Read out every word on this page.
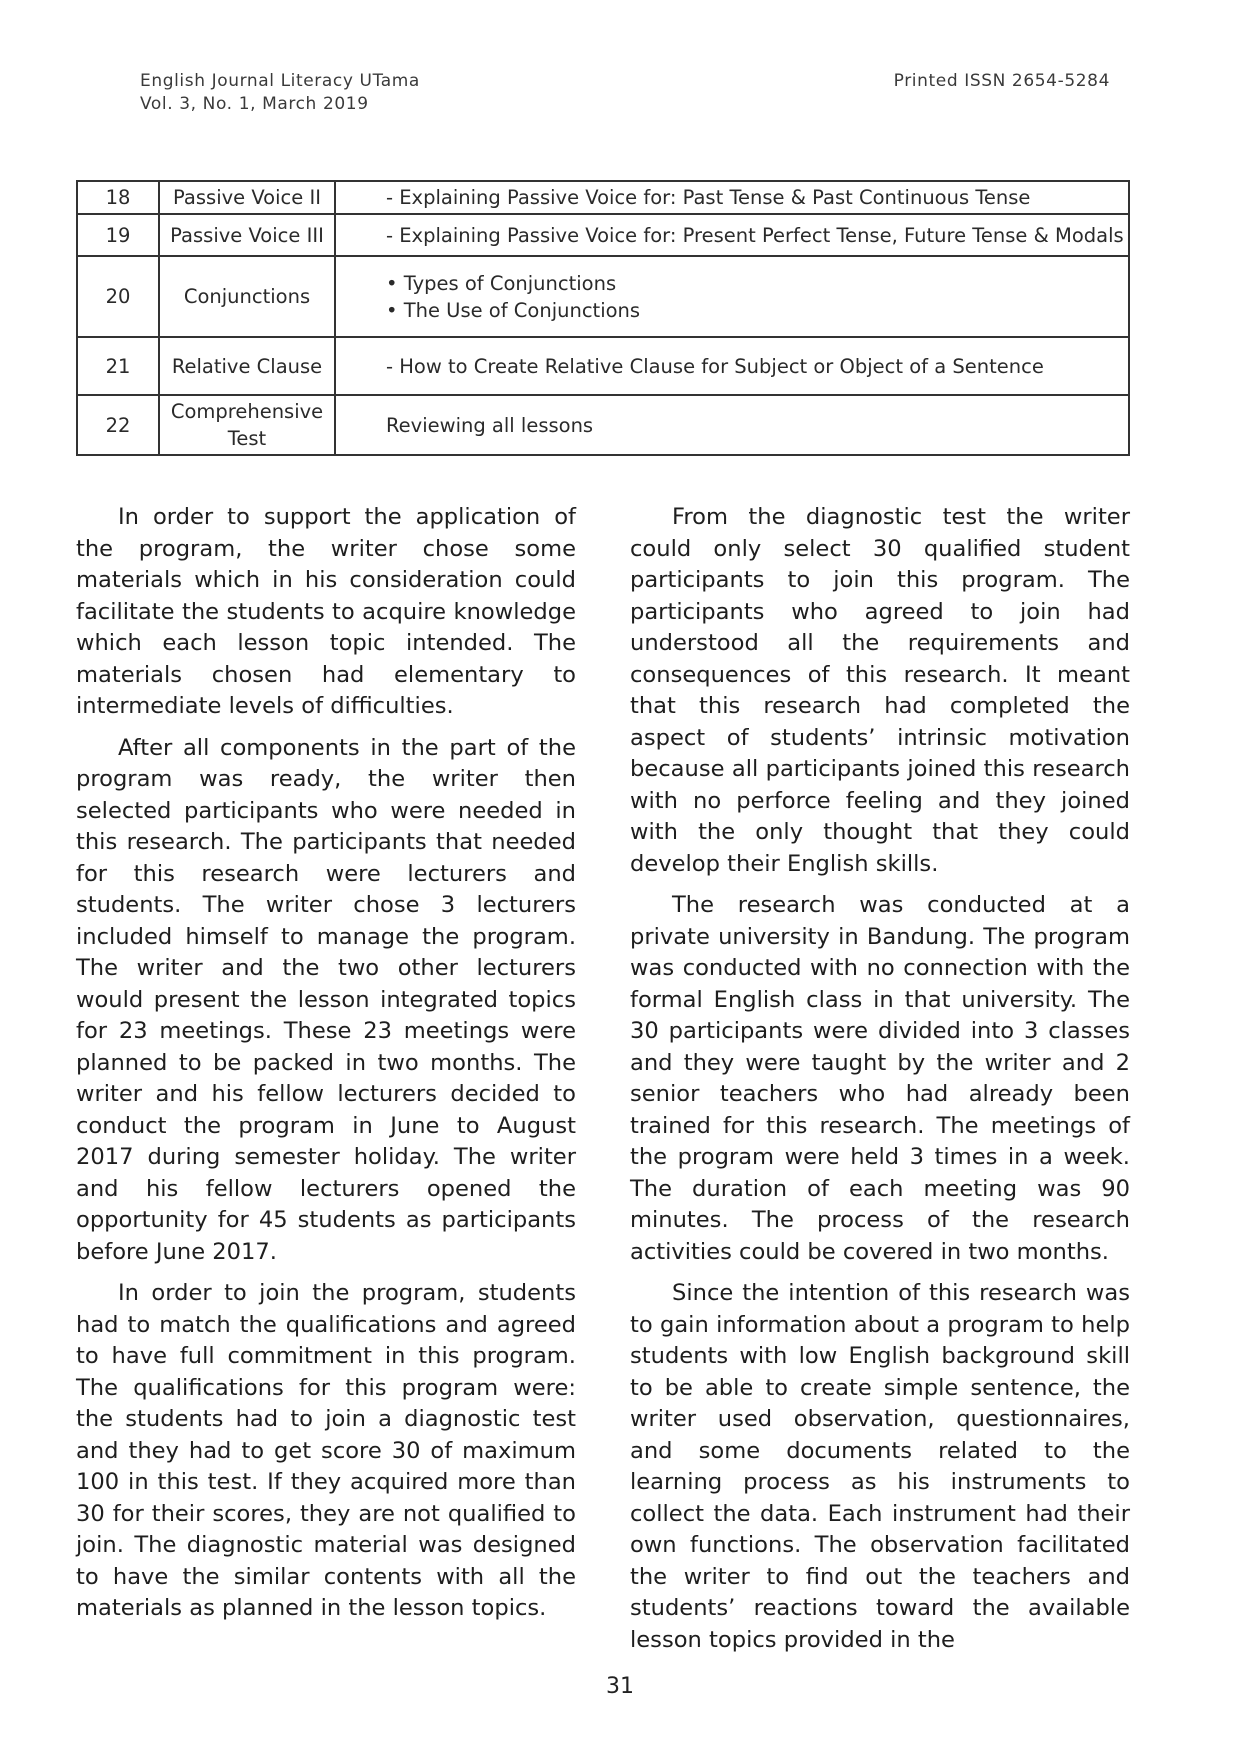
English Journal Literacy UTama
Vol. 3, No. 1, March 2019
Printed ISSN 2654-5284
18	Passive Voice II	- Explaining Passive Voice for: Past Tense & Past Continuous Tense

19	Passive Voice III	- Explaining Passive Voice for: Present Perfect Tense, Future Tense & Modals

20	Conjunctions	• Types of Conjunctions
• The Use of Conjunctions

21	Relative Clause	- How to Create Relative Clause for Subject or Object of a Sentence

22	Comprehensive Test	Reviewing all lessons

In order to support the application of the program, the writer chose some materials which in his consideration could facilitate the students to acquire knowledge which each lesson topic intended. The materials chosen had elementary to intermediate levels of difficulties.

After all components in the part of the program was ready, the writer then selected participants who were needed in this research. The participants that needed for this research were lecturers and students. The writer chose 3 lecturers included himself to manage the program. The writer and the two other lecturers would present the lesson integrated topics for 23 meetings. These 23 meetings were planned to be packed in two months. The writer and his fellow lecturers decided to conduct the program in June to August 2017 during semester holiday. The writer and his fellow lecturers opened the opportunity for 45 students as participants before June 2017.

In order to join the program, students had to match the qualifications and agreed to have full commitment in this program. The qualifications for this program were: the students had to join a diagnostic test and they had to get score 30 of maximum 100 in this test. If they acquired more than 30 for their scores, they are not qualified to join. The diagnostic material was designed to have the similar contents with all the materials as planned in the lesson topics.

From the diagnostic test the writer could only select 30 qualified student participants to join this program. The participants who agreed to join had understood all the requirements and consequences of this research. It meant that this research had completed the aspect of students’ intrinsic motivation because all participants joined this research with no perforce feeling and they joined with the only thought that they could develop their English skills.

The research was conducted at a private university in Bandung. The program was conducted with no connection with the formal English class in that university. The 30 participants were divided into 3 classes and they were taught by the writer and 2 senior teachers who had already been trained for this research. The meetings of the program were held 3 times in a week. The duration of each meeting was 90 minutes. The process of the research activities could be covered in two months.

Since the intention of this research was to gain information about a program to help students with low English background skill to be able to create simple sentence, the writer used observation, questionnaires, and some documents related to the learning process as his instruments to collect the data. Each instrument had their own functions. The observation facilitated the writer to find out the teachers and students’ reactions toward the available lesson topics provided in the

31
